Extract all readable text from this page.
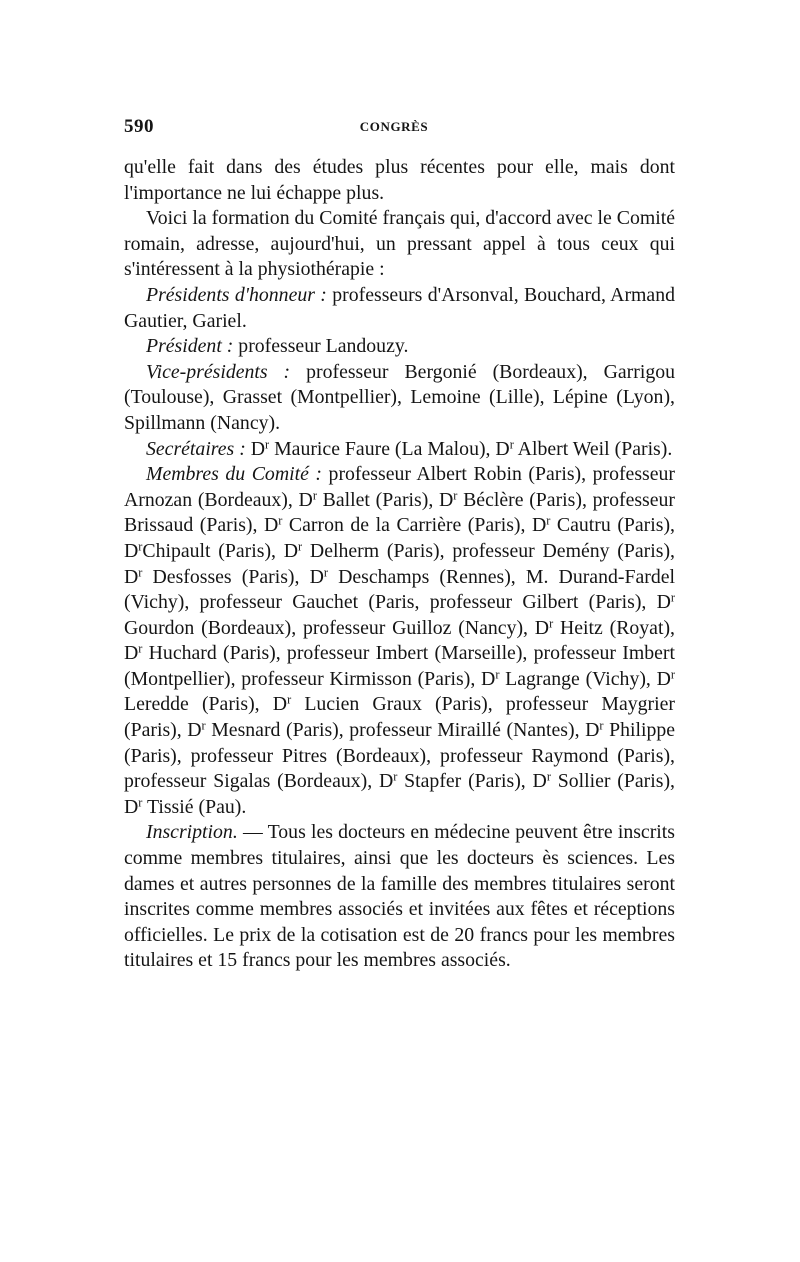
590	CONGRÈS

qu'elle fait dans des études plus récentes pour elle, mais dont l'importance ne lui échappe plus.

Voici la formation du Comité français qui, d'accord avec le Comité romain, adresse, aujourd'hui, un pressant appel à tous ceux qui s'intéressent à la physiothérapie :

Présidents d'honneur : professeurs d'Arsonval, Bouchard, Armand Gautier, Gariel.

Président : professeur Landouzy.

Vice-présidents : professeur Bergonié (Bordeaux), Garrigou (Toulouse), Grasset (Montpellier), Lemoine (Lille), Lépine (Lyon), Spillmann (Nancy).

Secrétaires : $D^r$ Maurice Faure (La Malou), $D^r$ Albert Weil (Paris).

Membres du Comité : professeur Albert Robin (Paris), professeur Arnozan (Bordeaux), $D^r$ Ballet (Paris), $D^r$ Béclère (Paris), professeur Brissaud (Paris), $D^r$ Carron de la Carrière (Paris), $D^r$ Cautru (Paris), $D^rChipault$ (Paris), $D^r$ Delherm (Paris), professeur Demény (Paris), $D^r$ Desfosses (Paris), $D^r$ Deschamps (Rennes), M. Durand-Fardel (Vichy), professeur Gauchet (Paris, professeur Gilbert (Paris), $D^r$ Gourdon (Bordeaux), professeur Guilloz (Nancy), $D^r$ Heitz (Royat), $D^r$ Huchard (Paris), professeur Imbert (Marseille), professeur Imbert (Montpellier), professeur Kirmisson (Paris), $D^r$ Lagrange (Vichy), $D^r$ Leredde (Paris), $D^r$ Lucien Graux (Paris), professeur Maygrier (Paris), $D^r$ Mesnard (Paris), professeur Miraillé (Nantes), $D^r$ Philippe (Paris), professeur Pitres (Bordeaux), professeur Raymond (Paris), professeur Sigalas (Bordeaux), $D^r$ Stapfer (Paris), $D^r$ Sollier (Paris), $D^r$ Tissié (Pau).

Inscription. — Tous les docteurs en médecine peuvent être inscrits comme membres titulaires, ainsi que les docteurs ès sciences. Les dames et autres personnes de la famille des membres titulaires seront inscrites comme membres associés et invitées aux fêtes et réceptions officielles. Le prix de la cotisation est de 20 francs pour les membres titulaires et 15 francs pour les membres associés.
